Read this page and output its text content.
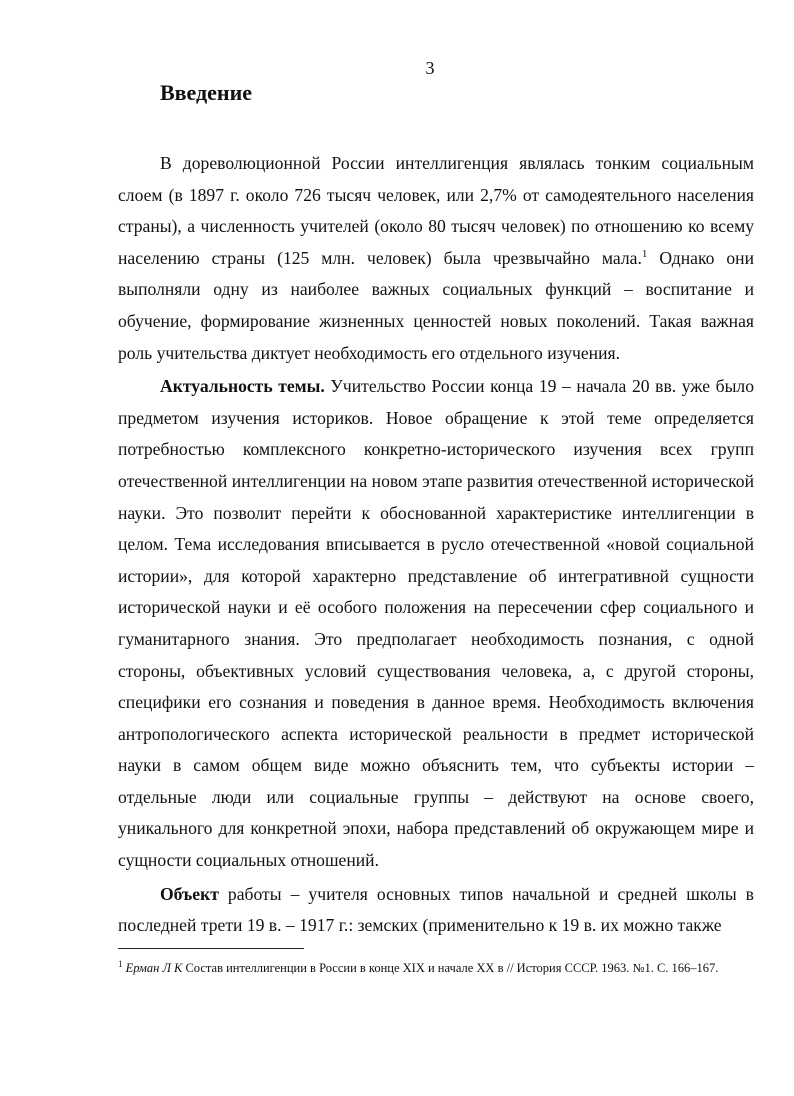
3
Введение

В дореволюционной России интеллигенция являлась тонким социальным слоем (в 1897 г. около 726 тысяч человек, или 2,7% от самодеятельного населения страны), а численность учителей (около 80 тысяч человек) по отношению ко всему населению страны (125 млн. человек) была чрезвычайно мала.$^1$ Однако они выполняли одну из наиболее важных социальных функций – воспитание и обучение, формирование жизненных ценностей новых поколений. Такая важная роль учительства диктует необходимость его отдельного изучения.

Актуальность темы. Учительство России конца 19 – начала 20 вв. уже было предметом изучения историков. Новое обращение к этой теме определяется потребностью комплексного конкретно-исторического изучения всех групп отечественной интеллигенции на новом этапе развития отечественной исторической науки. Это позволит перейти к обоснованной характеристике интеллигенции в целом. Тема исследования вписывается в русло отечественной «новой социальной истории», для которой характерно представление об интегративной сущности исторической науки и её особого положения на пересечении сфер социального и гуманитарного знания. Это предполагает необходимость познания, с одной стороны, объективных условий существования человека, а, с другой стороны, специфики его сознания и поведения в данное время. Необходимость включения антропологического аспекта исторической реальности в предмет исторической науки в самом общем виде можно объяснить тем, что субъекты истории – отдельные люди или социальные группы – действуют на основе своего, уникального для конкретной эпохи, набора представлений об окружающем мире и сущности социальных отношений.

Объект работы – учителя основных типов начальной и средней школы в последней трети 19 в. – 1917 г.: земских (применительно к 19 в. их можно также

$^1$ Ерман Л К Состав интеллигенции в России в конце XIX и начале XX в // История СССР. 1963. №1. С. 166–167.
